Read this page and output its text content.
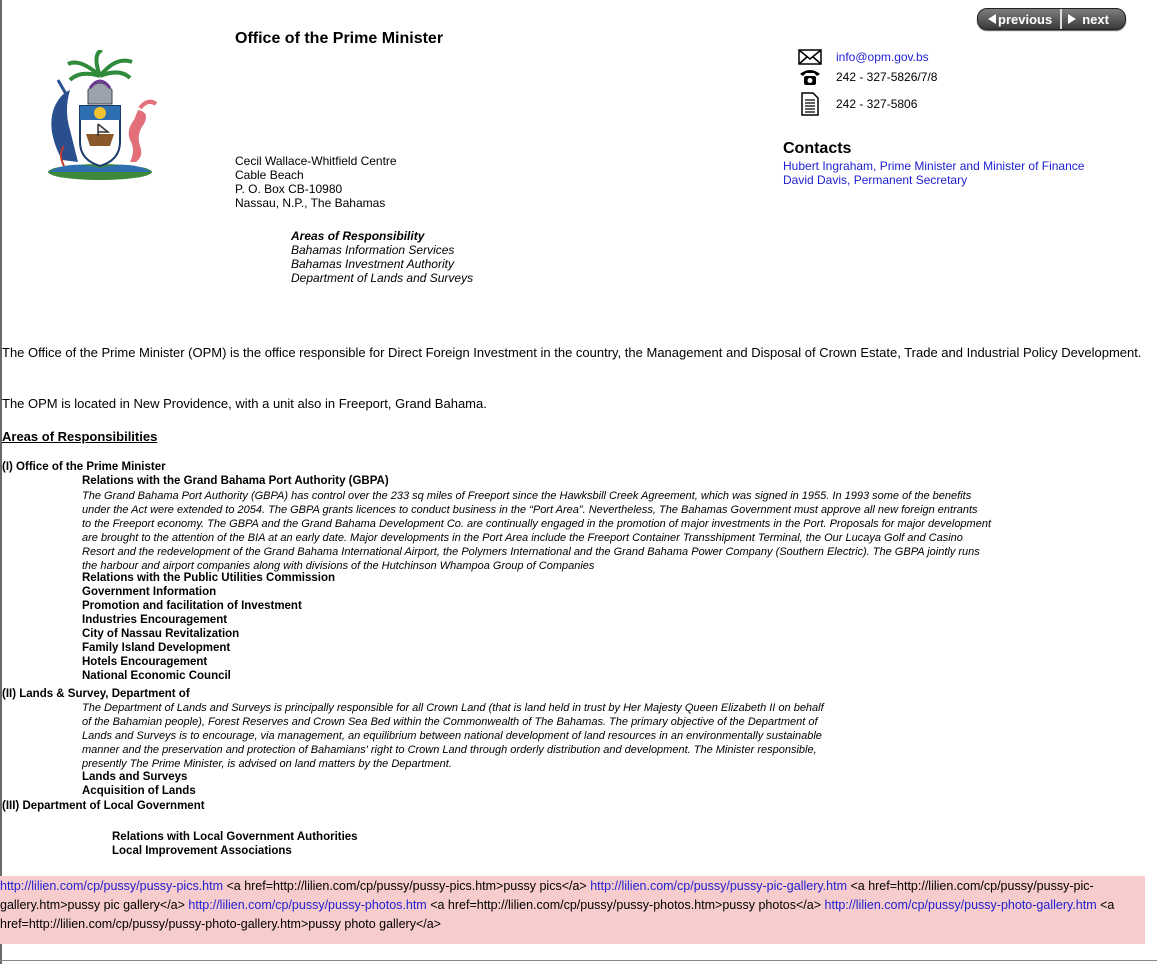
previous next
Office of the Prime Minister
Cecil Wallace-Whitfield Centre
Cable Beach
P. O. Box CB-10980
Nassau, N.P., The Bahamas
Areas of Responsibility
Bahamas Information Services
Bahamas Investment Authority
Department of Lands and Surveys
info@opm.gov.bs
242 - 327-5826/7/8
242 - 327-5806
Contacts
Hubert Ingraham, Prime Minister and Minister of Finance
David Davis, Permanent Secretary
The Office of the Prime Minister (OPM) is the office responsible for Direct Foreign Investment in the country, the Management and Disposal of Crown Estate, Trade and Industrial Policy Development.
The OPM is located in New Providence, with a unit also in Freeport, Grand Bahama.
Areas of Responsibilities
(I) Office of the Prime Minister
Relations with the Grand Bahama Port Authority (GBPA)
The Grand Bahama Port Authority (GBPA) has control over the 233 sq miles of Freeport since the Hawksbill Creek Agreement, which was signed in 1955. In 1993 some of the benefits
under the Act were extended to 2054. The GBPA grants licences to conduct business in the “Port Area”. Nevertheless, The Bahamas Government must approve all new foreign entrants
to the Freeport economy. The GBPA and the Grand Bahama Development Co. are continually engaged in the promotion of major investments in the Port. Proposals for major development
are brought to the attention of the BIA at an early date. Major developments in the Port Area include the Freeport Container Transshipment Terminal, the Our Lucaya Golf and Casino
Resort and the redevelopment of the Grand Bahama International Airport, the Polymers International and the Grand Bahama Power Company (Southern Electric). The GBPA jointly runs
the harbour and airport companies along with divisions of the Hutchinson Whampoa Group of Companies
Relations with the Public Utilities Commission
Government Information
Promotion and facilitation of Investment
Industries Encouragement
City of Nassau Revitalization
Family Island Development
Hotels Encouragement
National Economic Council
(II) Lands & Survey, Department of
The Department of Lands and Surveys is principally responsible for all Crown Land (that is land held in trust by Her Majesty Queen Elizabeth II on behalf
of the Bahamian people), Forest Reserves and Crown Sea Bed within the Commonwealth of The Bahamas. The primary objective of the Department of
Lands and Surveys is to encourage, via management, an equilibrium between national development of land resources in an environmentally sustainable
manner and the preservation and protection of Bahamians' right to Crown Land through orderly distribution and development. The Minister responsible,
presently The Prime Minister, is advised on land matters by the Department.
Lands and Surveys
Acquisition of Lands
(III) Department of Local Government
Relations with Local Government Authorities
Local Improvement Associations
http://lilien.com/cp/pussy/pussy-pics.htm <a href=http://lilien.com/cp/pussy/pussy-pics.htm>pussy pics</a> http://lilien.com/cp/pussy/pussy-pic-gallery.htm <a href=http://lilien.com/cp/pussy/pussy-pic-gallery.htm>pussy pic gallery</a> http://lilien.com/cp/pussy/pussy-photos.htm <a href=http://lilien.com/cp/pussy/pussy-photos.htm>pussy photos</a> http://lilien.com/cp/pussy/pussy-photo-gallery.htm <a href=http://lilien.com/cp/pussy/pussy-photo-gallery.htm>pussy photo gallery</a>
